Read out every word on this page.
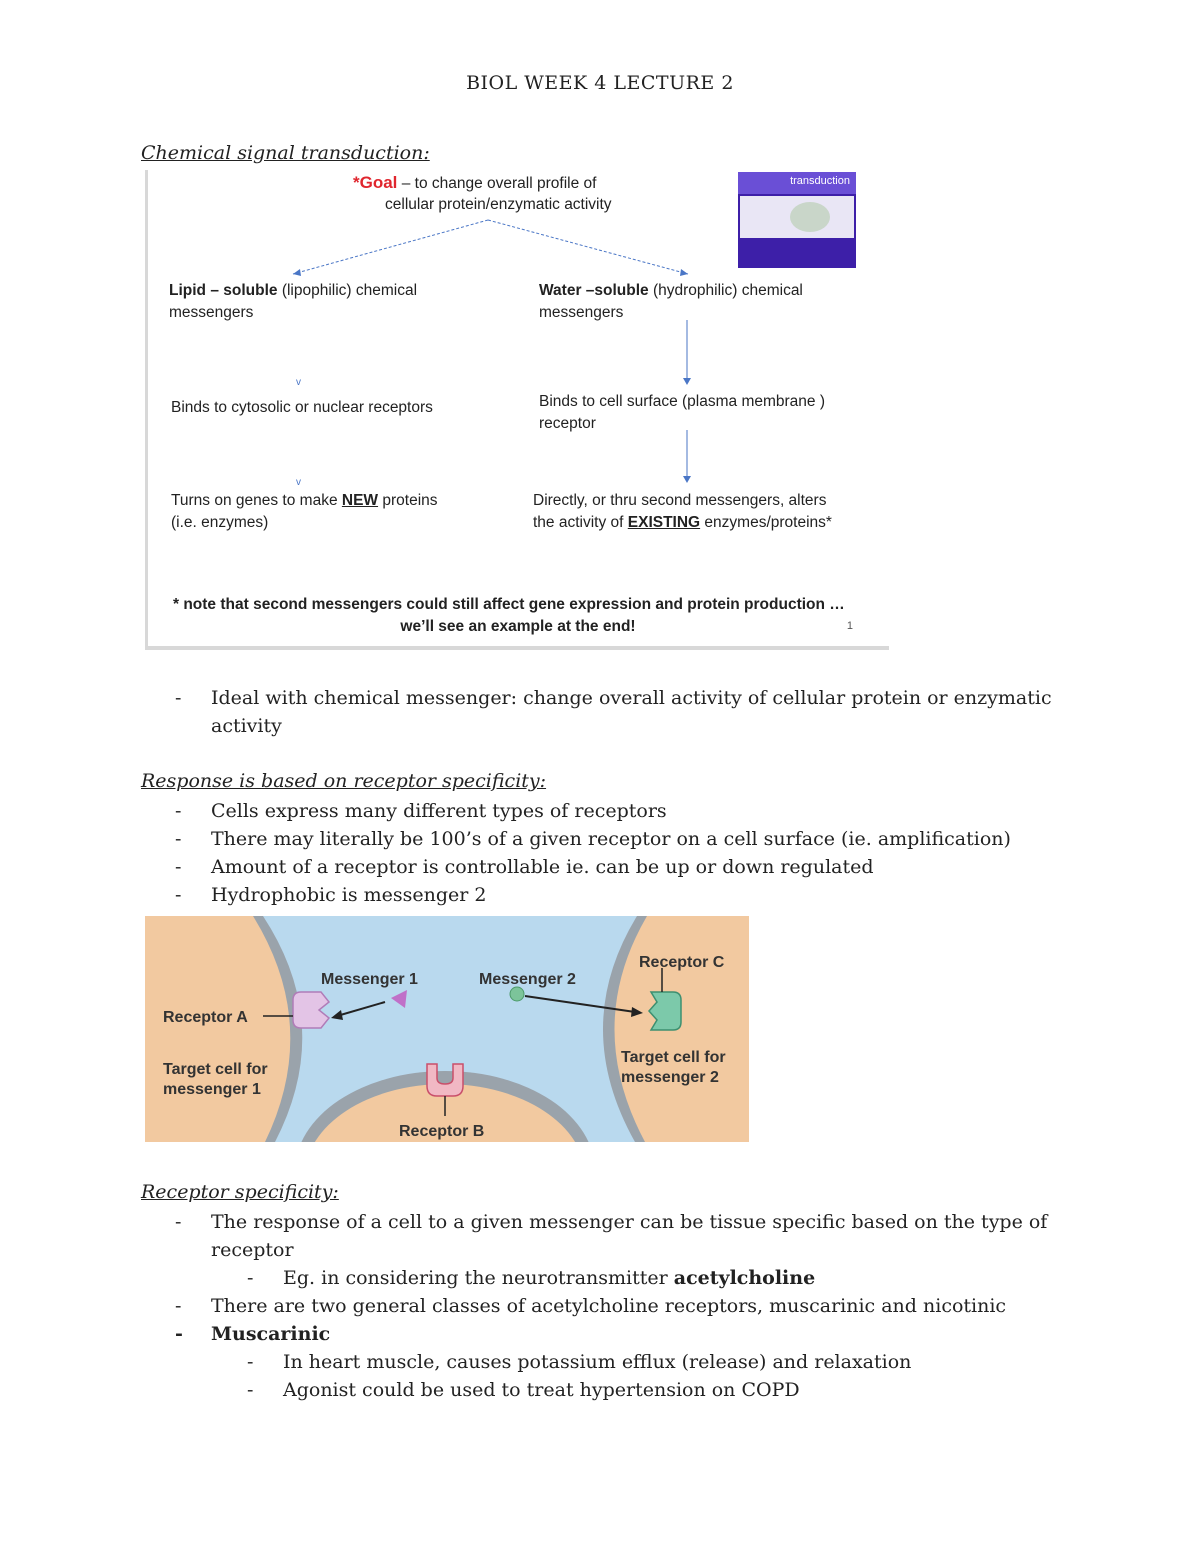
BIOL WEEK 4 LECTURE 2
Chemical signal transduction:
*Goal – to change overall profile of
cellular protein/enzymatic activity
transduction
v
v
Lipid – soluble (lipophilic) chemical
messengers
Binds to cytosolic or nuclear receptors
Turns on genes to make NEW proteins
(i.e. enzymes)
Water –soluble (hydrophilic) chemical
messengers
Binds to cell surface (plasma membrane )
receptor
Directly, or thru second messengers, alters
the activity of EXISTING enzymes/proteins*
* note that second messengers could still affect gene expression and protein production …
we’ll see an example at the end!	1
- Ideal with chemical messenger: change overall activity of cellular protein or enzymatic
activity
Response is based on receptor specificity:
- Cells express many different types of receptors
- There may literally be 100’s of a given receptor on a cell surface (ie. amplification)
- Amount of a receptor is controllable ie. can be up or down regulated
- Hydrophobic is messenger 2
Messenger 1	Messenger 2
Receptor A
Receptor B
Receptor C
Target cell for
messenger 1
Target cell for
messenger 2
Receptor specificity:
- The response of a cell to a given messenger can be tissue specific based on the type of
receptor
- Eg. in considering the neurotransmitter acetylcholine
- There are two general classes of acetylcholine receptors, muscarinic and nicotinic
- Muscarinic
- In heart muscle, causes potassium efflux (release) and relaxation
- Agonist could be used to treat hypertension on COPD
